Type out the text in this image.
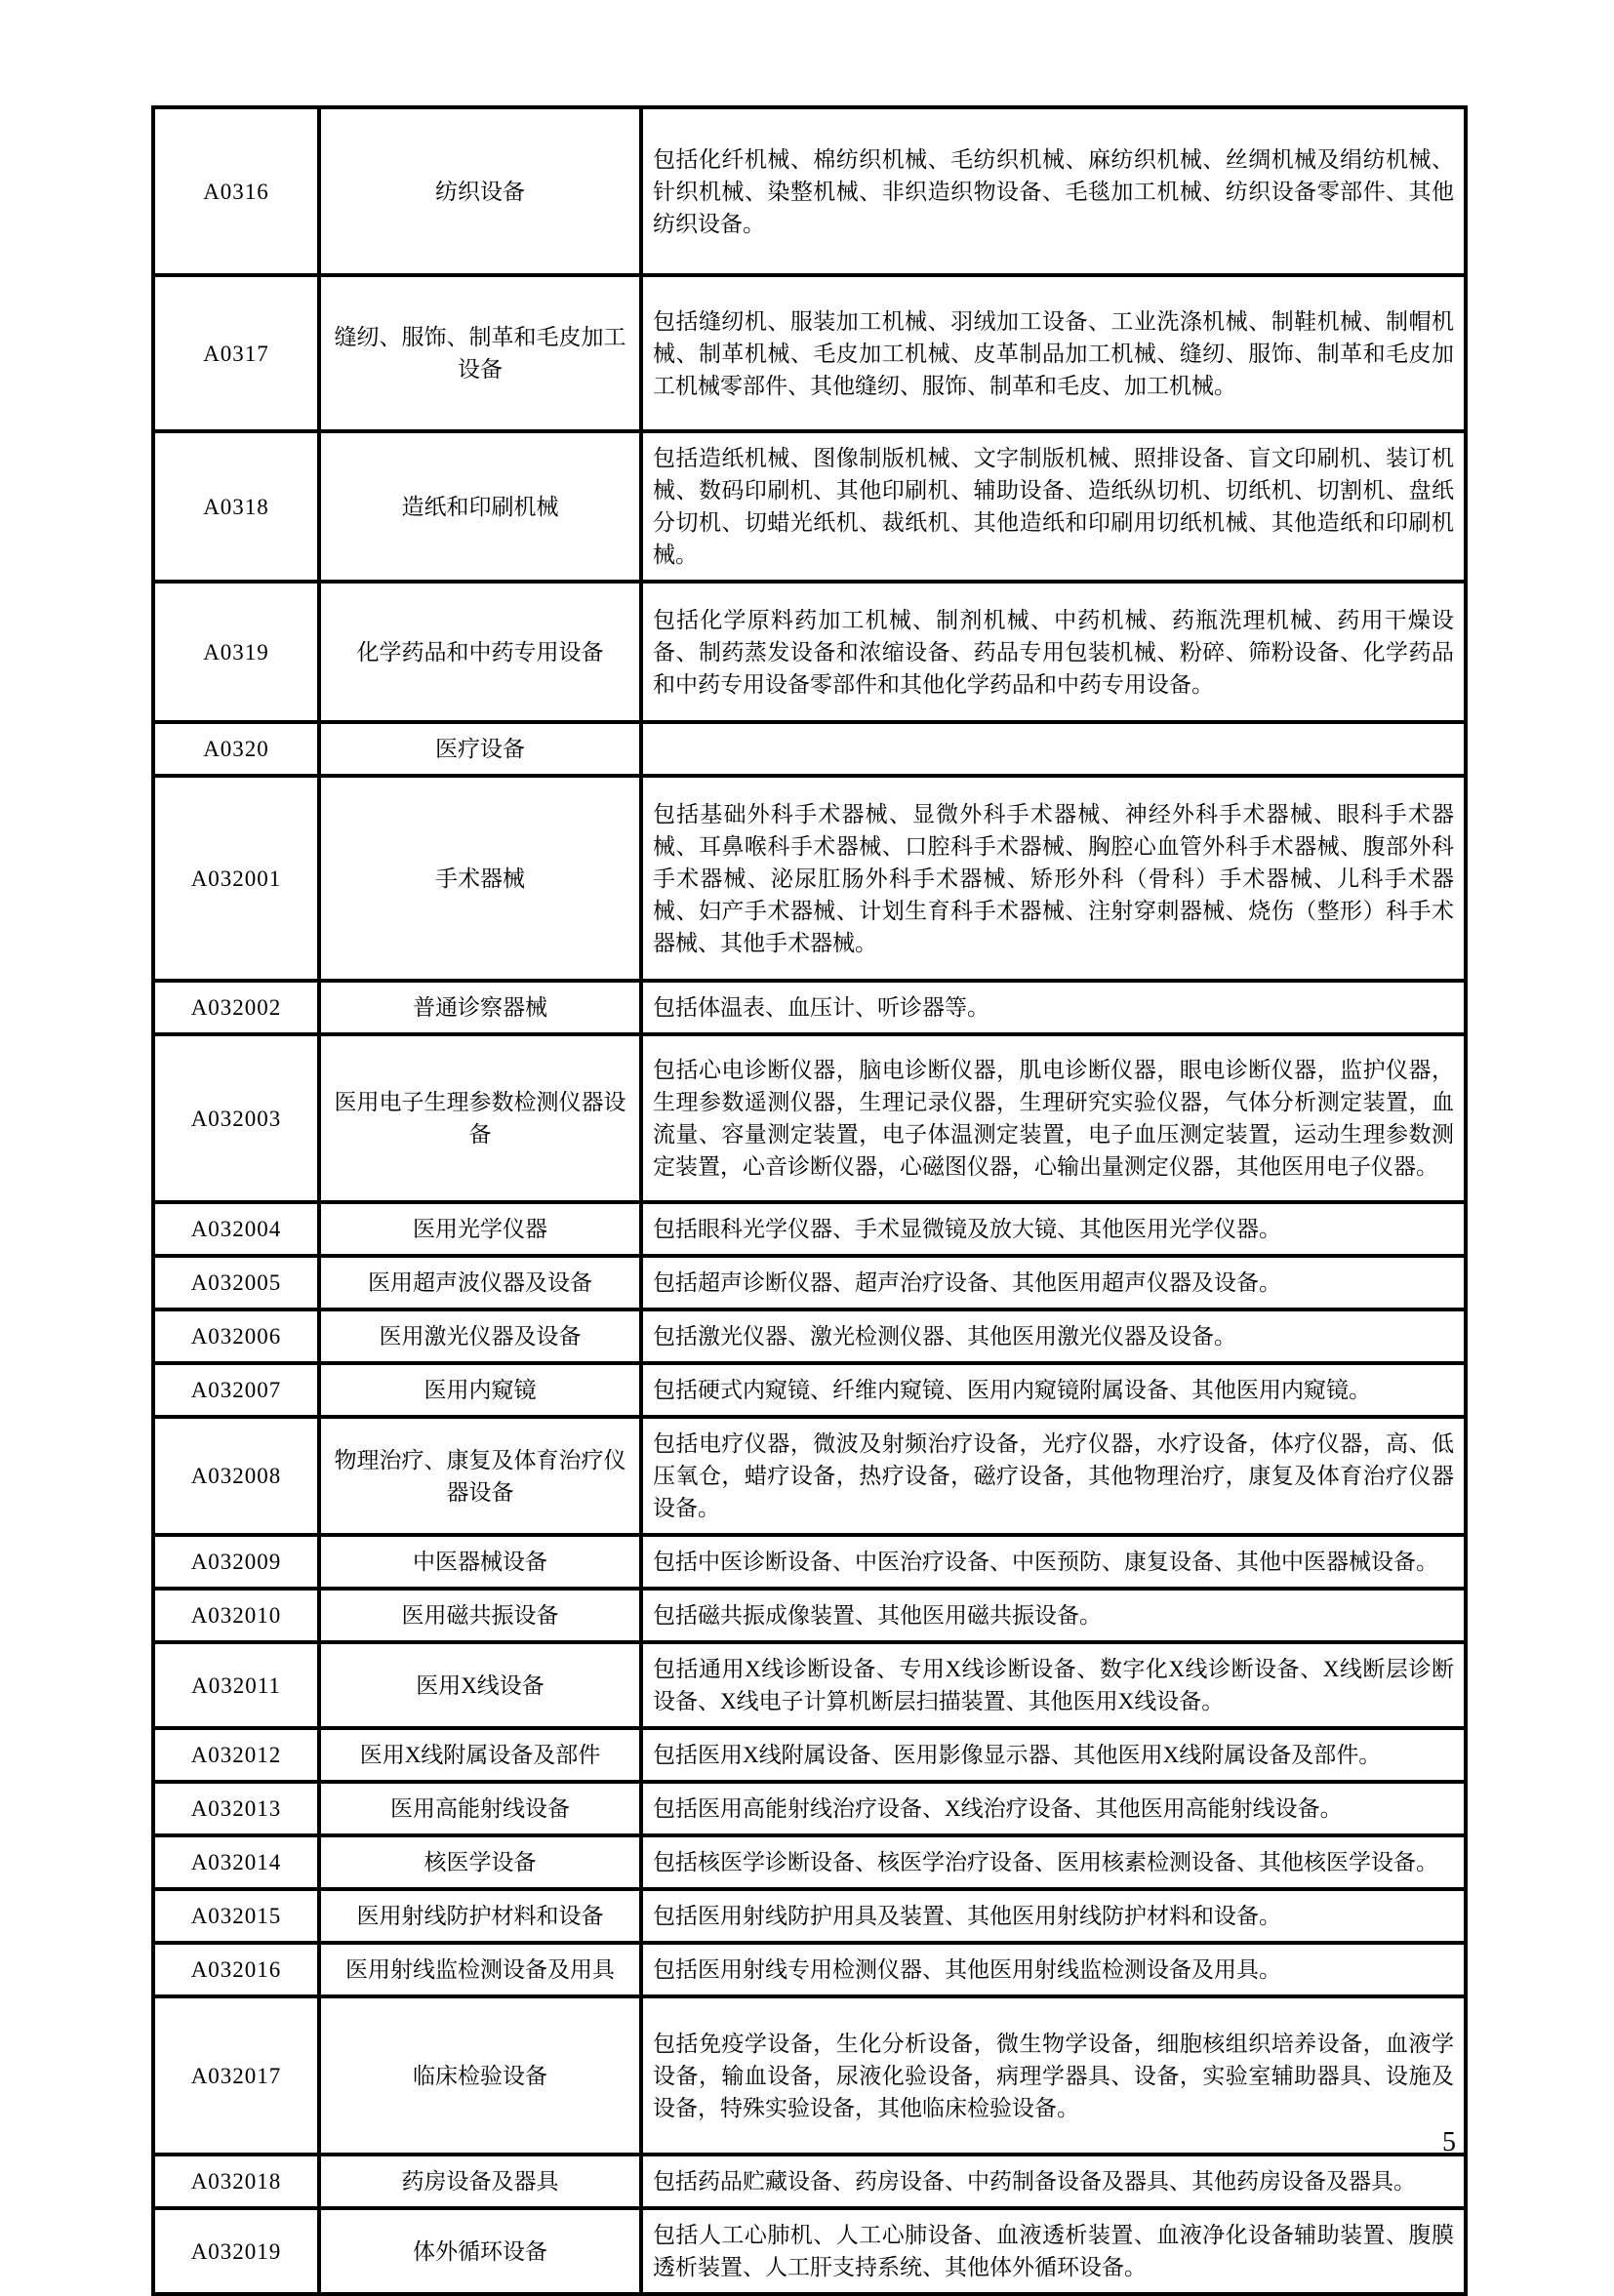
A0316	纺织设备	包括化纤机械、棉纺织机械、毛纺织机械、麻纺织机械、丝绸机械及绢纺机械、针织机械、染整机械、非织造织物设备、毛毯加工机械、纺织设备零部件、其他纺织设备。
A0317	缝纫、服饰、制革和毛皮加工设备	包括缝纫机、服装加工机械、羽绒加工设备、工业洗涤机械、制鞋机械、制帽机械、制革机械、毛皮加工机械、皮革制品加工机械、缝纫、服饰、制革和毛皮加工机械零部件、其他缝纫、服饰、制革和毛皮、加工机械。
A0318	造纸和印刷机械	包括造纸机械、图像制版机械、文字制版机械、照排设备、盲文印刷机、装订机械、数码印刷机、其他印刷机、辅助设备、造纸纵切机、切纸机、切割机、盘纸分切机、切蜡光纸机、裁纸机、其他造纸和印刷用切纸机械、其他造纸和印刷机械。
A0319	化学药品和中药专用设备	包括化学原料药加工机械、制剂机械、中药机械、药瓶洗理机械、药用干燥设备、制药蒸发设备和浓缩设备、药品专用包装机械、粉碎、筛粉设备、化学药品和中药专用设备零部件和其他化学药品和中药专用设备。
A0320	医疗设备	
A032001	手术器械	包括基础外科手术器械、显微外科手术器械、神经外科手术器械、眼科手术器械、耳鼻喉科手术器械、口腔科手术器械、胸腔心血管外科手术器械、腹部外科手术器械、泌尿肛肠外科手术器械、矫形外科（骨科）手术器械、儿科手术器械、妇产手术器械、计划生育科手术器械、注射穿刺器械、烧伤（整形）科手术器械、其他手术器械。
A032002	普通诊察器械	包括体温表、血压计、听诊器等。
A032003	医用电子生理参数检测仪器设备	包括心电诊断仪器，脑电诊断仪器，肌电诊断仪器，眼电诊断仪器，监护仪器，生理参数遥测仪器，生理记录仪器，生理研究实验仪器，气体分析测定装置，血流量、容量测定装置，电子体温测定装置，电子血压测定装置，运动生理参数测定装置，心音诊断仪器，心磁图仪器，心输出量测定仪器，其他医用电子仪器。
A032004	医用光学仪器	包括眼科光学仪器、手术显微镜及放大镜、其他医用光学仪器。
A032005	医用超声波仪器及设备	包括超声诊断仪器、超声治疗设备、其他医用超声仪器及设备。
A032006	医用激光仪器及设备	包括激光仪器、激光检测仪器、其他医用激光仪器及设备。
A032007	医用内窥镜	包括硬式内窥镜、纤维内窥镜、医用内窥镜附属设备、其他医用内窥镜。
A032008	物理治疗、康复及体育治疗仪器设备	包括电疗仪器，微波及射频治疗设备，光疗仪器，水疗设备，体疗仪器，高、低压氧仓，蜡疗设备，热疗设备，磁疗设备，其他物理治疗，康复及体育治疗仪器设备。
A032009	中医器械设备	包括中医诊断设备、中医治疗设备、中医预防、康复设备、其他中医器械设备。
A032010	医用磁共振设备	包括磁共振成像装置、其他医用磁共振设备。
A032011	医用X线设备	包括通用X线诊断设备、专用X线诊断设备、数字化X线诊断设备、X线断层诊断设备、X线电子计算机断层扫描装置、其他医用X线设备。
A032012	医用X线附属设备及部件	包括医用X线附属设备、医用影像显示器、其他医用X线附属设备及部件。
A032013	医用高能射线设备	包括医用高能射线治疗设备、X线治疗设备、其他医用高能射线设备。
A032014	核医学设备	包括核医学诊断设备、核医学治疗设备、医用核素检测设备、其他核医学设备。
A032015	医用射线防护材料和设备	包括医用射线防护用具及装置、其他医用射线防护材料和设备。
A032016	医用射线监检测设备及用具	包括医用射线专用检测仪器、其他医用射线监检测设备及用具。
A032017	临床检验设备	包括免疫学设备，生化分析设备，微生物学设备，细胞核组织培养设备，血液学设备，输血设备，尿液化验设备，病理学器具、设备，实验室辅助器具、设施及设备，特殊实验设备，其他临床检验设备。
A032018	药房设备及器具	包括药品贮藏设备、药房设备、中药制备设备及器具、其他药房设备及器具。
A032019	体外循环设备	包括人工心肺机、人工心肺设备、血液透析装置、血液净化设备辅助装置、腹膜透析装置、人工肝支持系统、其他体外循环设备。
5
